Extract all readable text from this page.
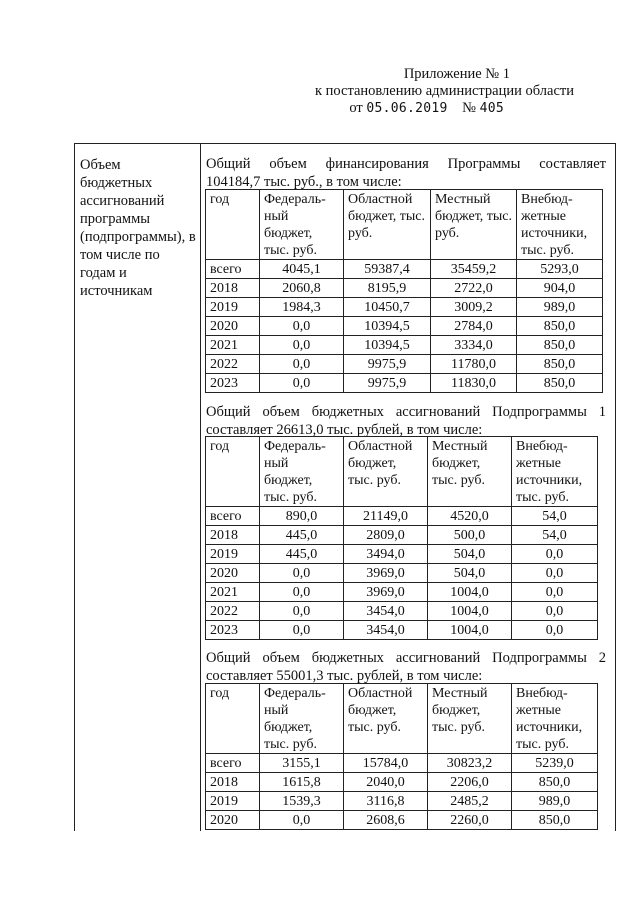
Приложение № 1
к постановлению администрации области
от 05.06.2019 № 405
Объем бюджетных ассигнований программы (подпрограммы), в том числе по годам и источникам
Общий объем финансирования Программы составляет
104184,7 тыс. руб., в том числе:
год	Федераль-ный бюджет, тыс. руб.	Областной бюджет, тыс. руб.	Местный бюджет, тыс. руб.	Внебюд-жетные источники, тыс. руб.
всего	4045,1	59387,4	35459,2	5293,0
2018	2060,8	8195,9	2722,0	904,0
2019	1984,3	10450,7	3009,2	989,0
2020	0,0	10394,5	2784,0	850,0
2021	0,0	10394,5	3334,0	850,0
2022	0,0	9975,9	11780,0	850,0
2023	0,0	9975,9	11830,0	850,0
Общий объем бюджетных ассигнований Подпрограммы 1
составляет 26613,0 тыс. рублей, в том числе:
год	Федераль-ный бюджет, тыс. руб.	Областной бюджет, тыс. руб.	Местный бюджет, тыс. руб.	Внебюд-жетные источники, тыс. руб.
всего	890,0	21149,0	4520,0	54,0
2018	445,0	2809,0	500,0	54,0
2019	445,0	3494,0	504,0	0,0
2020	0,0	3969,0	504,0	0,0
2021	0,0	3969,0	1004,0	0,0
2022	0,0	3454,0	1004,0	0,0
2023	0,0	3454,0	1004,0	0,0
Общий объем бюджетных ассигнований Подпрограммы 2
составляет 55001,3 тыс. рублей, в том числе:
год	Федераль-ный бюджет, тыс. руб.	Областной бюджет, тыс. руб.	Местный бюджет, тыс. руб.	Внебюд-жетные источники, тыс. руб.
всего	3155,1	15784,0	30823,2	5239,0
2018	1615,8	2040,0	2206,0	850,0
2019	1539,3	3116,8	2485,2	989,0
2020	0,0	2608,6	2260,0	850,0
